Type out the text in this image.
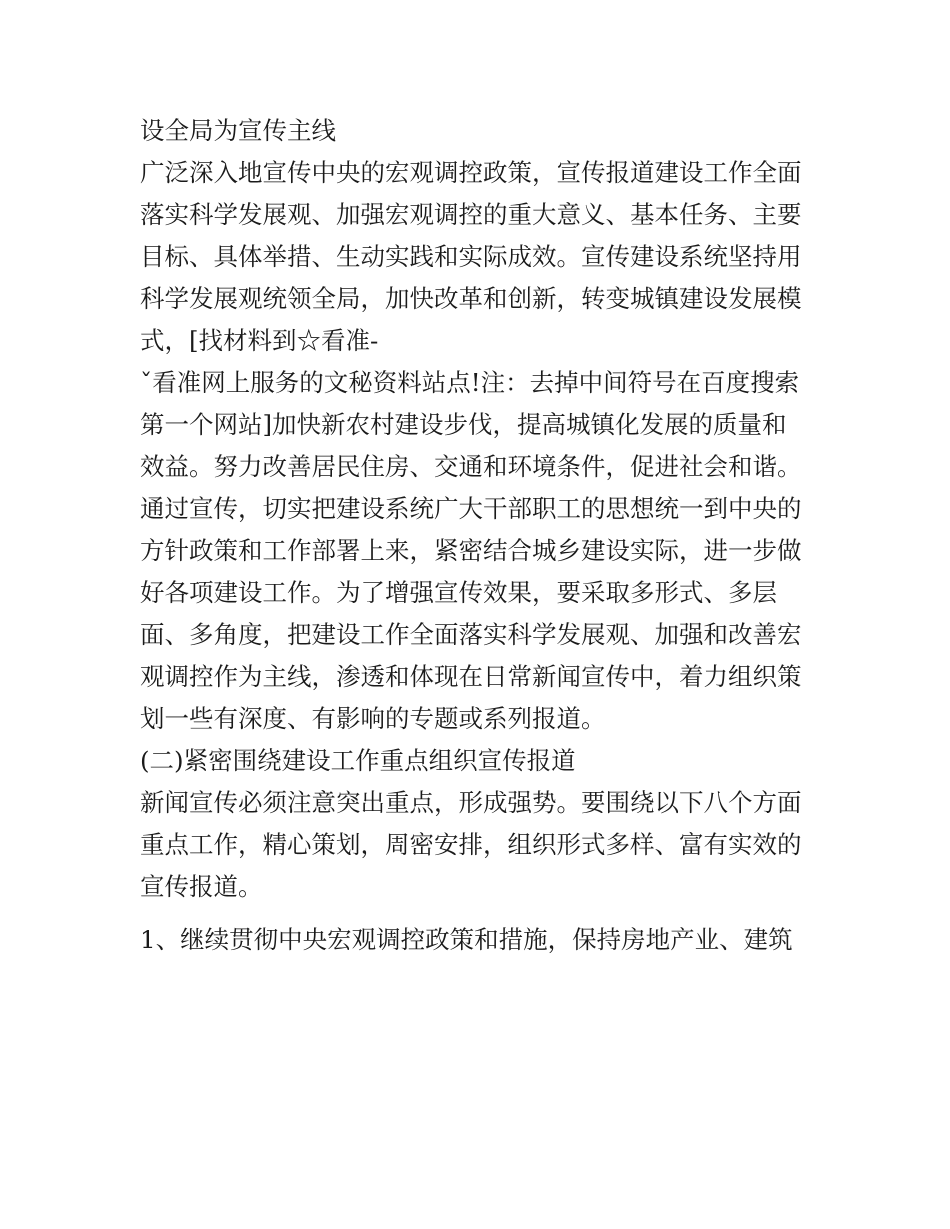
设全局为宣传主线

广泛深入地宣传中央的宏观调控政策，宣传报道建设工作全面

落实科学发展观、加强宏观调控的重大意义、基本任务、主要

目标、具体举措、生动实践和实际成效。宣传建设系统坚持用

科学发展观统领全局，加快改革和创新，转变城镇建设发展模

式，[找材料到☆看准-

ˇ看准网上服务的文秘资料站点!注：去掉中间符号在百度搜索

第一个网站]加快新农村建设步伐，提高城镇化发展的质量和

效益。努力改善居民住房、交通和环境条件，促进社会和谐。

通过宣传，切实把建设系统广大干部职工的思想统一到中央的

方针政策和工作部署上来，紧密结合城乡建设实际，进一步做

好各项建设工作。为了增强宣传效果，要采取多形式、多层

面、多角度，把建设工作全面落实科学发展观、加强和改善宏

观调控作为主线，渗透和体现在日常新闻宣传中，着力组织策

划一些有深度、有影响的专题或系列报道。

(二)紧密围绕建设工作重点组织宣传报道

新闻宣传必须注意突出重点，形成强势。要围绕以下八个方面

重点工作，精心策划，周密安排，组织形式多样、富有实效的

宣传报道。

1、继续贯彻中央宏观调控政策和措施，保持房地产业、建筑
